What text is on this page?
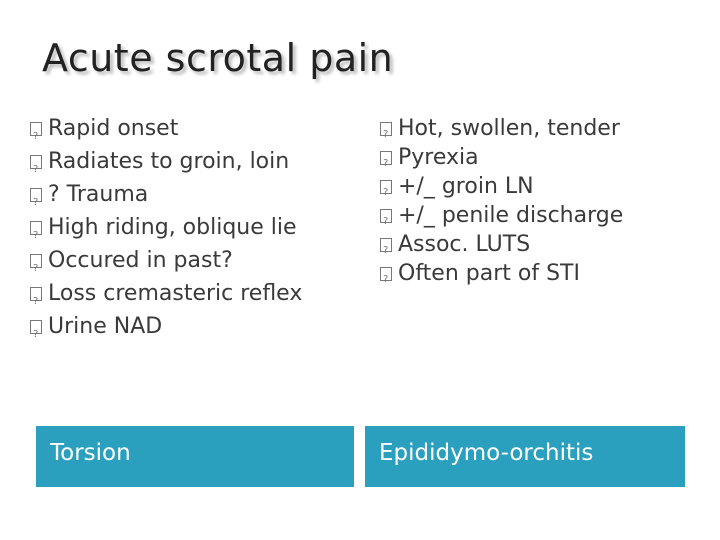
Acute scrotal pain
?
Rapid onset
?
Radiates to groin, loin
?
? Trauma
?
High riding, oblique lie
?
Occured in past?
?
Loss cremasteric reflex
?
Urine NAD
?
Hot, swollen, tender
?
Pyrexia
?
+/_ groin LN
?
+/_ penile discharge
?
Assoc. LUTS
?
Often part of STI
Torsion	Epididymo-orchitis
